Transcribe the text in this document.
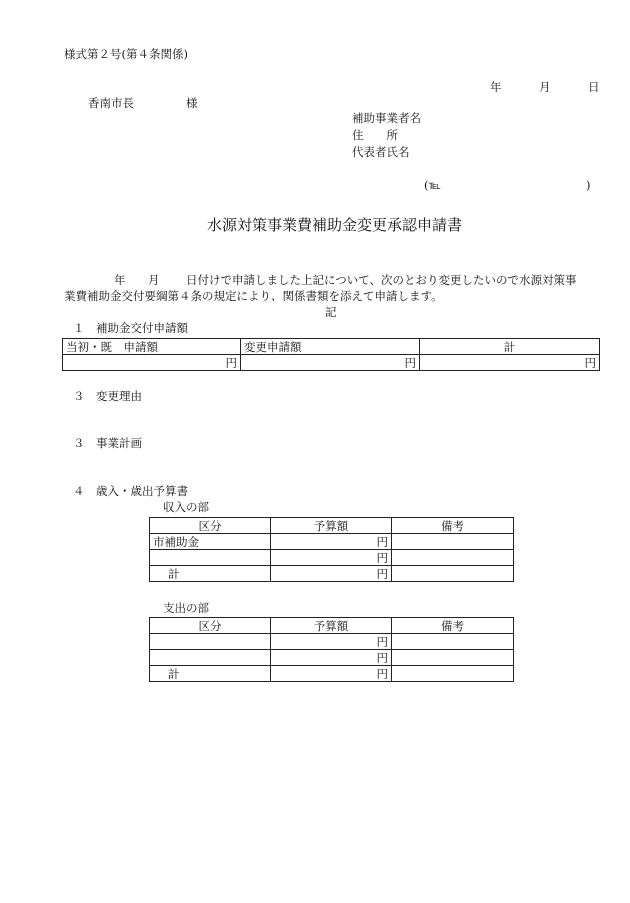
様式第２号(第４条関係)
年	月	日
香南市長	様
補助事業者名
住　　所
代表者氏名
(℡	)
水源対策事業費補助金変更承認申請書
年 月 日付けで申請しました上記について、次のとおり変更したいので水源対策事
業費補助金交付要綱第４条の規定により、関係書類を添えて申請します。
記
１　補助金交付申請額
当初・既　申請額	変更申請額	計
円	円	円
３　変更理由
３　事業計画
４　歳入・歳出予算書
収入の部
区分	予算額	備考
市補助金	円	
	円	
計	円	
支出の部
区分	予算額	備考
	円	
	円	
計	円	
